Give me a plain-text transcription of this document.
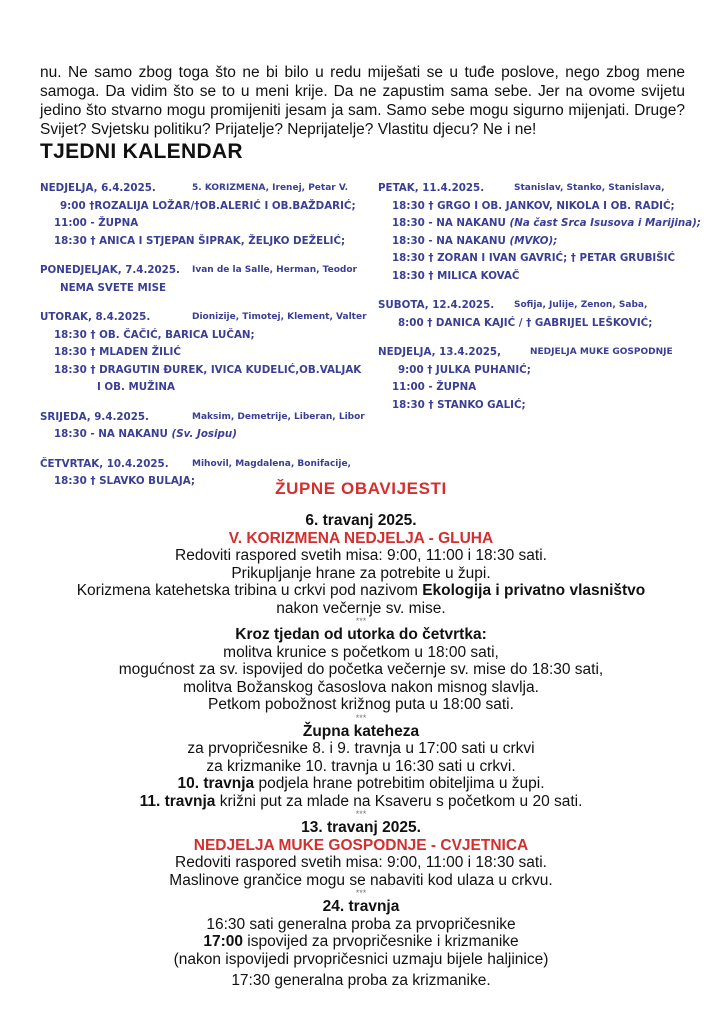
nu. Ne samo zbog toga što ne bi bilo u redu miješati se u tuđe poslove, nego zbog mene samoga. Da vidim što se to u meni krije. Da ne zapustim sama sebe. Jer na ovome svijetu jedino što stvarno mogu promijeniti jesam ja sam. Samo sebe mogu sigurno mijenjati. Druge? Svijet? Svjetsku politiku? Prijatelje? Neprijatelje? Vlastitu djecu? Ne i ne!

TJEDNI KALENDAR
NEDJELJA, 6.4.2025.	5. KORIZMENA, Irenej, Petar V.
9:00 †ROZALIJA LOŽAR/†OB.ALERIĆ I OB.BAŽDARIĆ;
11:00 - ŽUPNA
18:30 † ANICA I STJEPAN ŠIPRAK, ŽELJKO DEŽELIĆ;
PONEDJELJAK, 7.4.2025. Ivan de la Salle, Herman, Teodor
NEMA SVETE MISE
UTORAK, 8.4.2025.	Dionizije, Timotej, Klement, Valter
18:30 † OB. ČAČIĆ, BARICA LUČAN;
18:30 † MLADEN ŽILIĆ
18:30 † DRAGUTIN ĐUREK, IVICA KUDELIĆ,OB.VALJAK
I OB. MUŽINA
SRIJEDA, 9.4.2025.	Maksim, Demetrije, Liberan, Libor
18:30 - NA NAKANU (Sv. Josipu)
ČETVRTAK, 10.4.2025.	Mihovil, Magdalena, Bonifacije,
18:30 † SLAVKO BULAJA;
PETAK, 11.4.2025.	Stanislav, Stanko, Stanislava,
18:30 † GRGO I OB. JANKOV, NIKOLA I OB. RADIĆ;
18:30 - NA NAKANU (Na čast Srca Isusova i Marijina);
18:30 - NA NAKANU (MVKO);
18:30 † ZORAN I IVAN GAVRIĆ; † PETAR GRUBIŠIĆ
18:30 † MILICA KOVAČ
SUBOTA, 12.4.2025. Sofija, Julije, Zenon, Saba,
8:00 † DANICA KAJIĆ / † GABRIJEL LEŠKOVIĆ;
NEDJELJA, 13.4.2025,	NEDJELJA MUKE GOSPODNJE
9:00 † JULKA PUHANIĆ;
11:00 - ŽUPNA
18:30 † STANKO GALIĆ;
ŽUPNE OBAVIJESTI
6. travanj 2025.
V. KORIZMENA NEDJELJA - GLUHA
Redoviti raspored svetih misa: 9:00, 11:00 i 18:30 sati.
Prikupljanje hrane za potrebite u župi.
Korizmena katehetska tribina u crkvi pod nazivom Ekologija i privatno vlasništvo
nakon večernje sv. mise.
***
Kroz tjedan od utorka do četvrtka:
molitva krunice s početkom u 18:00 sati,
mogućnost za sv. ispovijed do početka večernje sv. mise do 18:30 sati,
molitva Božanskog časoslova nakon misnog slavlja.
Petkom pobožnost križnog puta u 18:00 sati.
***
Župna kateheza
za prvopričesnike 8. i 9. travnja u 17:00 sati u crkvi
za krizmanike 10. travnja u 16:30 sati u crkvi.
10. travnja podjela hrane potrebitim obiteljima u župi.
11. travnja križni put za mlade na Ksaveru s početkom u 20 sati.
***
13. travanj 2025.
NEDJELJA MUKE GOSPODNJE - CVJETNICA
Redoviti raspored svetih misa: 9:00, 11:00 i 18:30 sati.
Maslinove grančice mogu se nabaviti kod ulaza u crkvu.
***
24. travnja
16:30 sati generalna proba za prvopričesnike
17:00 ispovijed za prvopričesnike i krizmanike
(nakon ispovijedi prvopričesnici uzmaju bijele haljinice)
17:30 generalna proba za krizmanike.
